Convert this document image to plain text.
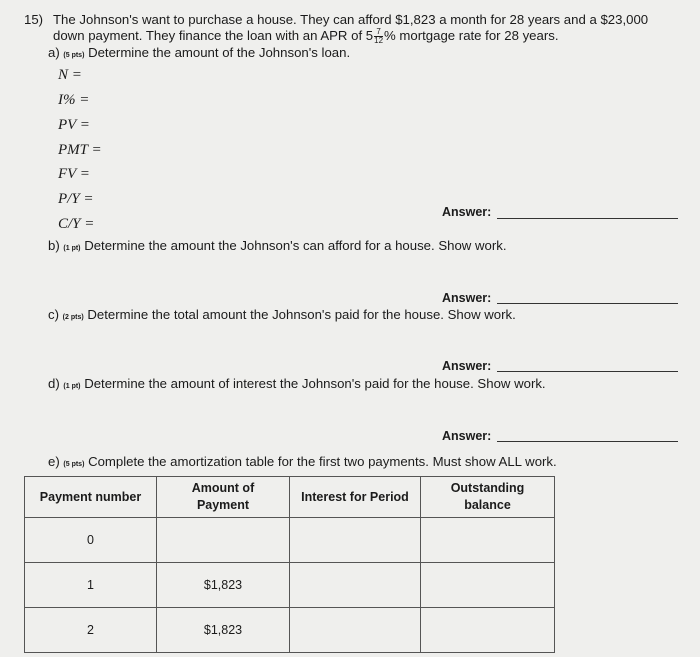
15) The Johnson's want to purchase a house. They can afford $1,823 a month for 28 years and a $23,000
down payment. They finance the loan with an APR of $5 \frac{7}{12}$ % mortgage rate for 28 years.
a) (5 pts) Determine the amount of the Johnson's loan.
N =
I% =
PV =
PMT =
FV =
P/Y =
C/Y =
Answer:
b) (1 pt) Determine the amount the Johnson's can afford for a house. Show work.
Answer:
c) (2 pts) Determine the total amount the Johnson's paid for the house. Show work.
Answer:
d) (1 pt) Determine the amount of interest the Johnson's paid for the house. Show work.
Answer:
e) (5 pts) Complete the amortization table for the first two payments. Must show ALL work.
Payment number	Amount of Payment	Interest for Period	Outstanding balance
0			
1	$1,823		
2	$1,823		
